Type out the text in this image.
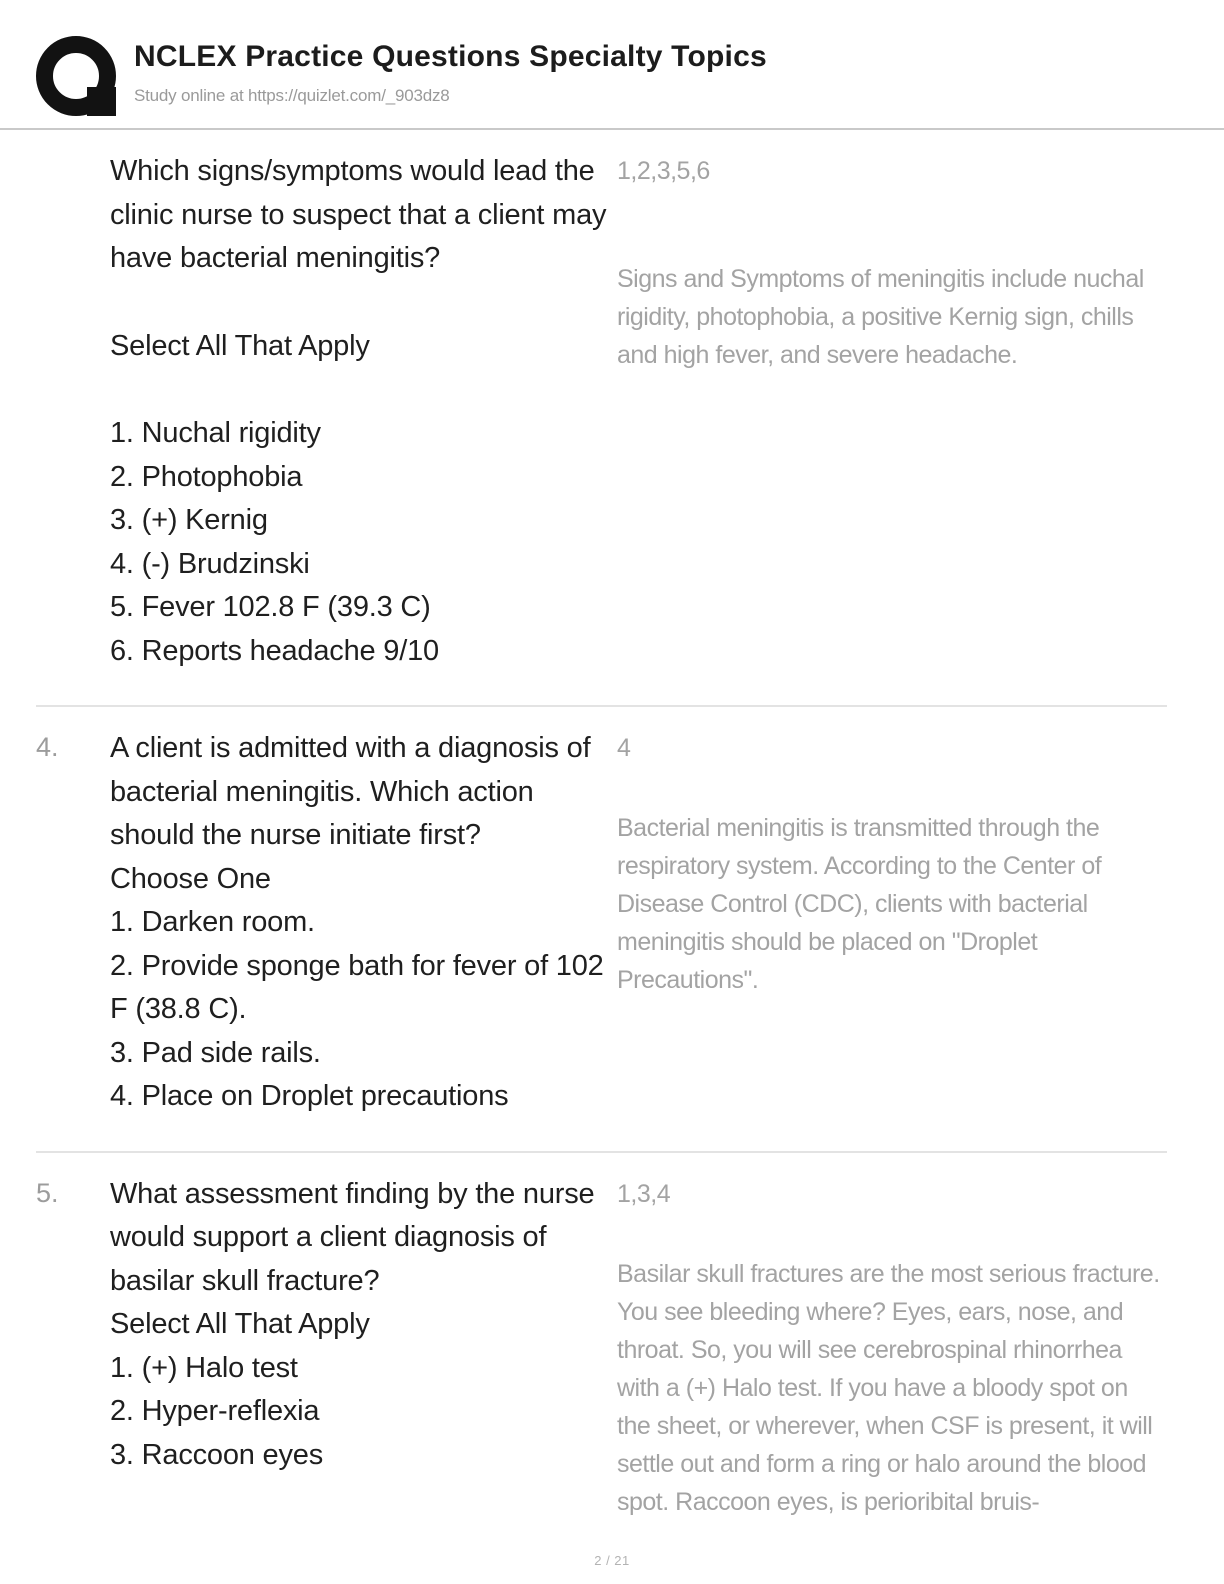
NCLEX Practice Questions Specialty Topics
Study online at https://quizlet.com/_903dz8

Which signs/symptoms would lead the clinic nurse to suspect that a client may have bacterial meningitis?

Select All That Apply

1. Nuchal rigidity

2. Photophobia

3. (+) Kernig

4. (-) Brudzinski

5. Fever 102.8 F (39.3 C)

6. Reports headache 9/10

1,2,3,5,6

Signs and Symptoms of meningitis include nuchal rigidity, photophobia, a positive Kernig sign, chills and high fever, and severe headache.

4.	A client is admitted with a diagnosis of bacterial meningitis. Which action should the nurse initiate first?

Choose One

1. Darken room.

2. Provide sponge bath for fever of 102 F (38.8 C).

3. Pad side rails.

4. Place on Droplet precautions

4

Bacterial meningitis is transmitted through the respiratory system. According to the Center of Disease Control (CDC), clients with bacterial meningitis should be placed on "Droplet Precautions".

5.	What assessment finding by the nurse would support a client diagnosis of basilar skull fracture?

Select All That Apply

1. (+) Halo test

2. Hyper-reflexia

3. Raccoon eyes

1,3,4

Basilar skull fractures are the most serious fracture. You see bleeding where? Eyes, ears, nose, and throat. So, you will see cerebrospinal rhinorrhea with a (+) Halo test. If you have a bloody spot on the sheet, or wherever, when CSF is present, it will settle out and form a ring or halo around the blood spot. Raccoon eyes, is perioribital bruis-

2 / 21
